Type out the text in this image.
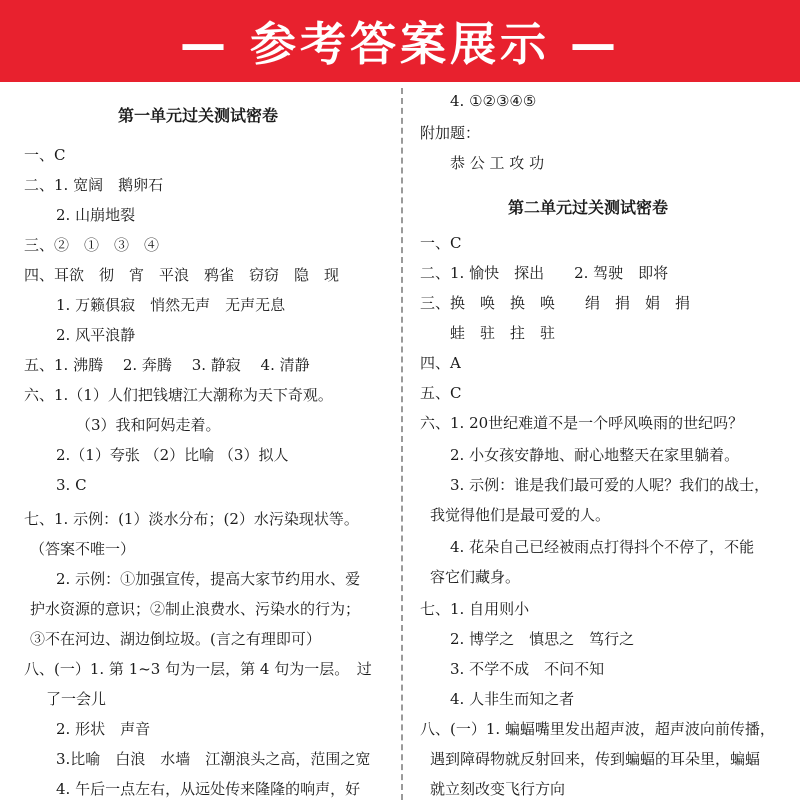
— 参考答案展示 —
第一单元过关测试密卷
一、C
二、1. 宽阔　鹅卵石
2. 山崩地裂
三、②　①　③　④
四、耳欲　彻　宵　平浪　鸦雀　窃窃　隐　现
1. 万籁俱寂　悄然无声　无声无息
2. 风平浪静
五、1. 沸腾　 2. 奔腾　 3. 静寂　 4. 清静
六、1.（1）人们把钱塘江大潮称为天下奇观。
（3）我和阿妈走着。
2.（1）夸张 （2）比喻 （3）拟人
3. C
七、1. 示例：(1）淡水分布；(2）水污染现状等。
（答案不唯一）
2. 示例：①加强宣传，提高大家节约用水、爱
护水资源的意识；②制止浪费水、污染水的行为；
③不在河边、湖边倒垃圾。(言之有理即可）
八、(一）1. 第 1~3 句为一层，第 4 句为一层。　过
了一会儿
2. 形状　声音
3.比喻　白浪　水墙　江潮浪头之高，范围之宽
4. 午后一点左右，从远处传来隆隆的响声，好
4. ①②③④⑤
附加题：
恭 公 工 攻 功
第二单元过关测试密卷
一、C
二、1. 愉快　探出　　2. 驾驶　即将
三、换　唤　换　唤　　绢　捐　娟　捐
蛙　驻　拄　驻
四、A
五、C
六、1. 20世纪难道不是一个呼风唤雨的世纪吗？
2. 小女孩安静地、耐心地整天在家里躺着。
3. 示例：谁是我们最可爱的人呢？我们的战士，
我觉得他们是最可爱的人。
4. 花朵自己已经被雨点打得抖个不停了，不能
容它们藏身。
七、1. 自用则小
2. 博学之　慎思之　笃行之
3. 不学不成　不问不知
4. 人非生而知之者
八、(一）1. 蝙蝠嘴里发出超声波，超声波向前传播，
遇到障碍物就反射回来，传到蝙蝠的耳朵里，蝙蝠
就立刻改变飞行方向
